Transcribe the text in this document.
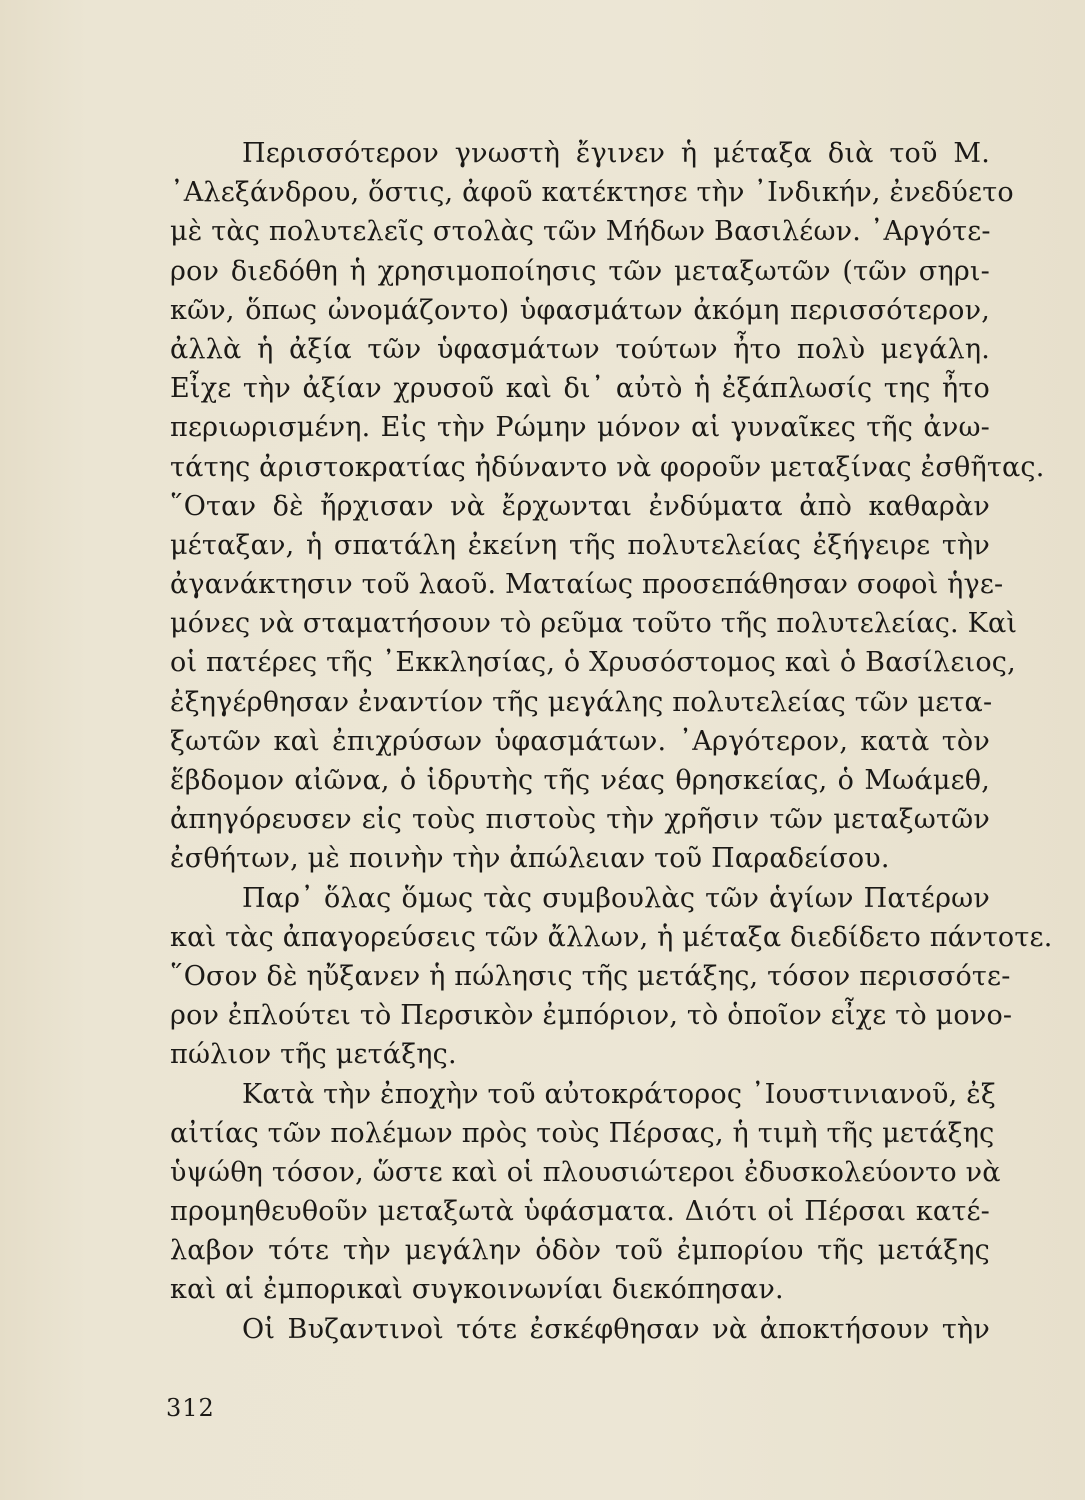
Περισσότερον γνωστὴ ἔγινεν ἡ μέταξα διὰ τοῦ Μ.
᾿Αλεξάνδρου, ὅστις, ἀφοῦ κατέκτησε τὴν ᾿Ινδικήν, ἐνεδύετο
μὲ τὰς πολυτελεῖς στολὰς τῶν Μήδων Βασιλέων. ᾿Αργότε-
ρον διεδόθη ἡ χρησιμοποίησις τῶν μεταξωτῶν (τῶν σηρι-
κῶν, ὅπως ὠνομάζοντο) ὑφασμάτων ἀκόμη περισσότερον,
ἀλλὰ ἡ ἀξία τῶν ὑφασμάτων τούτων ἦτο πολὺ μεγάλη.
Εἶχε τὴν ἀξίαν χρυσοῦ καὶ δι᾿ αὐτὸ ἡ ἐξάπλωσίς της ἦτο
περιωρισμένη. Εἰς τὴν Ρώμην μόνον αἱ γυναῖκες τῆς ἀνω-
τάτης ἀριστοκρατίας ἠδύναντο νὰ φοροῦν μεταξίνας ἐσθῆτας.
῞Οταν δὲ ἤρχισαν νὰ ἔρχωνται ἐνδύματα ἀπὸ καθαρὰν
μέταξαν, ἡ σπατάλη ἐκείνη τῆς πολυτελείας ἐξήγειρε τὴν
ἀγανάκτησιν τοῦ λαοῦ. Ματαίως προσεπάθησαν σοφοὶ ἡγε-
μόνες νὰ σταματήσουν τὸ ρεῦμα τοῦτο τῆς πολυτελείας. Καὶ
οἱ πατέρες τῆς ᾿Εκκλησίας, ὁ Χρυσόστομος καὶ ὁ Βασίλειος,
ἐξηγέρθησαν ἐναντίον τῆς μεγάλης πολυτελείας τῶν μετα-
ξωτῶν καὶ ἐπιχρύσων ὑφασμάτων. ᾿Αργότερον, κατὰ τὸν
ἕβδομον αἰῶνα, ὁ ἱδρυτὴς τῆς νέας θρησκείας, ὁ Μωάμεθ,
ἀπηγόρευσεν εἰς τοὺς πιστοὺς τὴν χρῆσιν τῶν μεταξωτῶν
ἐσθήτων, μὲ ποινὴν τὴν ἀπώλειαν τοῦ Παραδείσου.
Παρ᾿ ὅλας ὅμως τὰς συμβουλὰς τῶν ἁγίων Πατέρων
καὶ τὰς ἀπαγορεύσεις τῶν ἄλλων, ἡ μέταξα διεδίδετο πάντοτε.
῞Οσον δὲ ηὔξανεν ἡ πώλησις τῆς μετάξης, τόσον περισσότε-
ρον ἐπλούτει τὸ Περσικὸν ἐμπόριον, τὸ ὁποῖον εἶχε τὸ μονο-
πώλιον τῆς μετάξης.
Κατὰ τὴν ἐποχὴν τοῦ αὐτοκράτορος ᾿Ιουστινιανοῦ, ἐξ
αἰτίας τῶν πολέμων πρὸς τοὺς Πέρσας, ἡ τιμὴ τῆς μετάξης
ὑψώθη τόσον, ὥστε καὶ οἱ πλουσιώτεροι ἐδυσκολεύοντο νὰ
προμηθευθοῦν μεταξωτὰ ὑφάσματα. Διότι οἱ Πέρσαι κατέ-
λαβον τότε τὴν μεγάλην ὁδὸν τοῦ ἐμπορίου τῆς μετάξης
καὶ αἱ ἐμπορικαὶ συγκοινωνίαι διεκόπησαν.
Οἱ Βυζαντινοὶ τότε ἐσκέφθησαν νὰ ἀποκτήσουν τὴν
312
